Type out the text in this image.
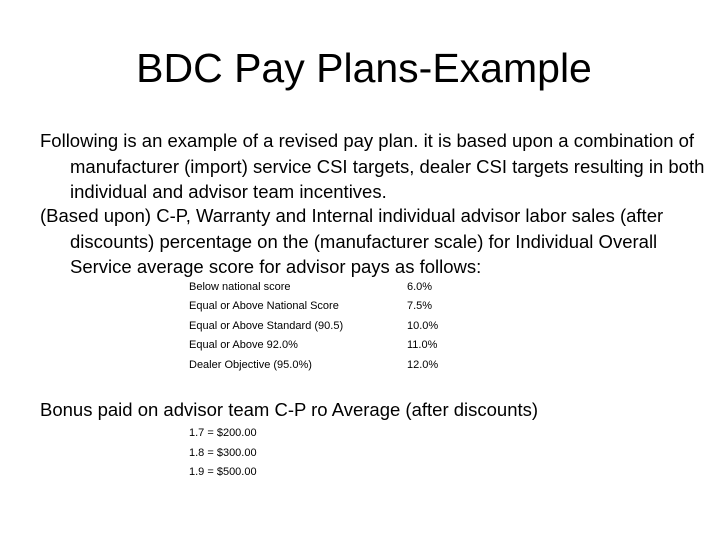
BDC Pay Plans-Example

Following is an example of a revised pay plan. it is based upon a combination of manufacturer (import) service CSI targets, dealer CSI targets resulting in both individual and advisor team incentives.

(Based upon) C-P, Warranty and Internal individual advisor labor sales (after discounts) percentage on the (manufacturer scale) for Individual Overall Service average score for advisor pays as follows:

Below national score	6.0%
Equal or Above National Score	7.5%
Equal or Above Standard (90.5)	10.0%
Equal or Above 92.0%	11.0%
Dealer Objective (95.0%)	12.0%

Bonus paid on advisor team C-P ro Average (after discounts)

1.7 = $200.00
1.8 = $300.00
1.9 = $500.00
